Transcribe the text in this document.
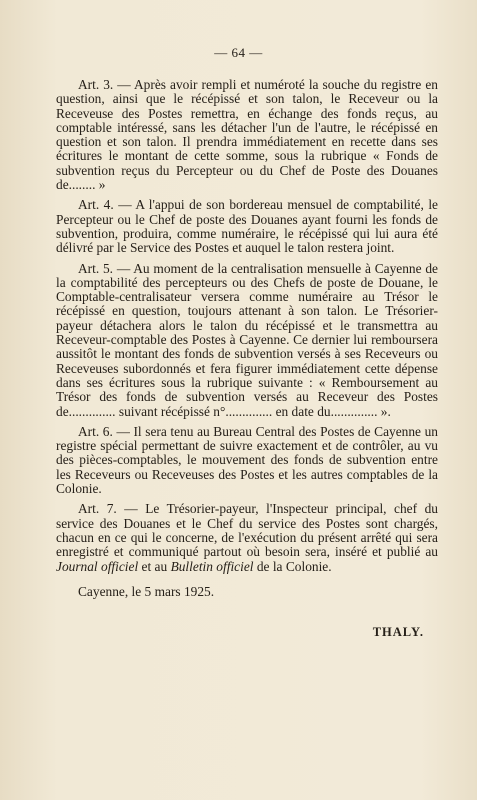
— 64 —

Art. 3. — Après avoir rempli et numéroté la souche du registre en question, ainsi que le récépissé et son talon, le Receveur ou la Receveuse des Postes remettra, en échange des fonds reçus, au comptable intéressé, sans les détacher l'un de l'autre, le récépissé en question et son talon. Il prendra immédiatement en recette dans ses écritures le montant de cette somme, sous la rubrique « Fonds de subvention reçus du Percepteur ou du Chef de Poste des Douanes de........ »

Art. 4. — A l'appui de son bordereau mensuel de comptabilité, le Percepteur ou le Chef de poste des Douanes ayant fourni les fonds de subvention, produira, comme numéraire, le récépissé qui lui aura été délivré par le Service des Postes et auquel le talon restera joint.

Art. 5. — Au moment de la centralisation mensuelle à Cayenne de la comptabilité des percepteurs ou des Chefs de poste de Douane, le Comptable-centralisateur versera comme numéraire au Trésor le récépissé en question, toujours attenant à son talon. Le Trésorier-payeur détachera alors le talon du récépissé et le transmettra au Receveur-comptable des Postes à Cayenne. Ce dernier lui remboursera aussitôt le montant des fonds de subvention versés à ses Receveurs ou Receveuses subordonnés et fera figurer immédiatement cette dépense dans ses écritures sous la rubrique suivante : « Remboursement au Trésor des fonds de subvention versés au Receveur des Postes de.............. suivant récépissé n°.............. en date du.............. ».

Art. 6. — Il sera tenu au Bureau Central des Postes de Cayenne un registre spécial permettant de suivre exactement et de contrôler, au vu des pièces-comptables, le mouvement des fonds de subvention entre les Receveurs ou Receveuses des Postes et les autres comptables de la Colonie.

Art. 7. — Le Trésorier-payeur, l'Inspecteur principal, chef du service des Douanes et le Chef du service des Postes sont chargés, chacun en ce qui le concerne, de l'exécution du présent arrêté qui sera enregistré et communiqué partout où besoin sera, inséré et publié au Journal officiel et au Bulletin officiel de la Colonie.

Cayenne, le 5 mars 1925.

THALY.
